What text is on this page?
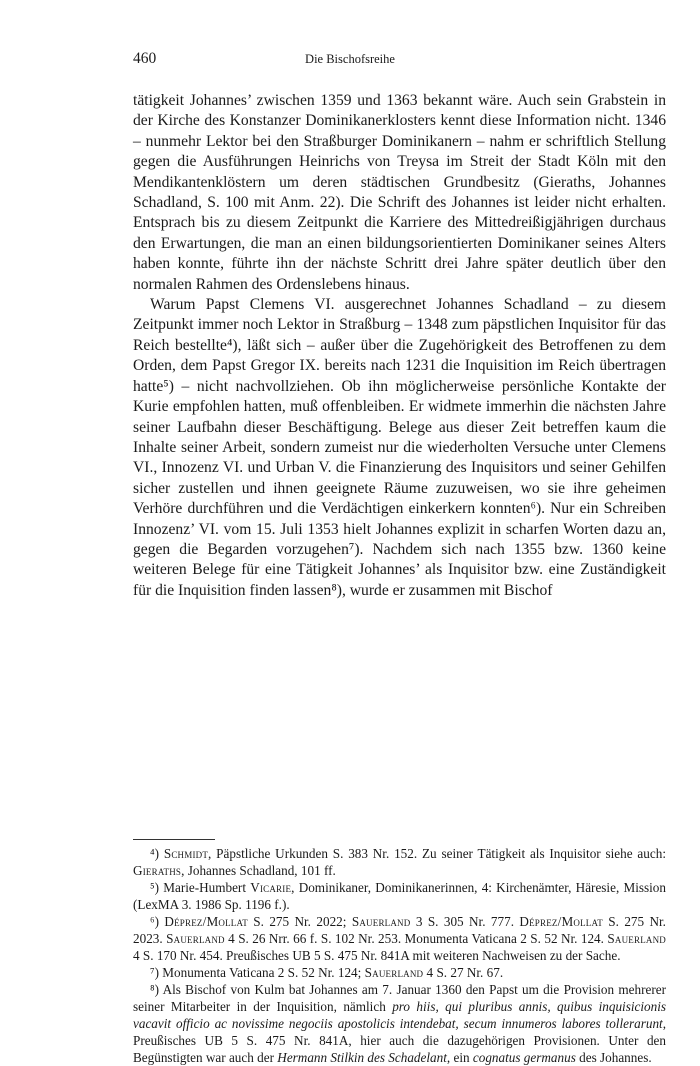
460	Die Bischofsreihe

tätigkeit Johannes’ zwischen 1359 und 1363 bekannt wäre. Auch sein Grabstein in der Kirche des Konstanzer Dominikanerklosters kennt diese Information nicht. 1346 – nunmehr Lektor bei den Straßburger Dominikanern – nahm er schriftlich Stellung gegen die Ausführungen Heinrichs von Treysa im Streit der Stadt Köln mit den Mendikantenklöstern um deren städtischen Grundbesitz (Gieraths, Johannes Schadland, S. 100 mit Anm. 22). Die Schrift des Johannes ist leider nicht erhalten. Entsprach bis zu diesem Zeitpunkt die Karriere des Mittedreißigjährigen durchaus den Erwartungen, die man an einen bildungsorientierten Dominikaner seines Alters haben konnte, führte ihn der nächste Schritt drei Jahre später deutlich über den normalen Rahmen des Ordenslebens hinaus.

Warum Papst Clemens VI. ausgerechnet Johannes Schadland – zu diesem Zeitpunkt immer noch Lektor in Straßburg – 1348 zum päpstlichen Inquisitor für das Reich bestellte⁴), läßt sich – außer über die Zugehörigkeit des Betroffenen zu dem Orden, dem Papst Gregor IX. bereits nach 1231 die Inquisition im Reich übertragen hatte⁵) – nicht nachvollziehen. Ob ihn möglicherweise persönliche Kontakte der Kurie empfohlen hatten, muß offenbleiben. Er widmete immerhin die nächsten Jahre seiner Laufbahn dieser Beschäftigung. Belege aus dieser Zeit betreffen kaum die Inhalte seiner Arbeit, sondern zumeist nur die wiederholten Versuche unter Clemens VI., Innozenz VI. und Urban V. die Finanzierung des Inquisitors und seiner Gehilfen sicher zustellen und ihnen geeignete Räume zuzuweisen, wo sie ihre geheimen Verhöre durchführen und die Verdächtigen einkerkern konnten⁶). Nur ein Schreiben Innozenz’ VI. vom 15. Juli 1353 hielt Johannes explizit in scharfen Worten dazu an, gegen die Begarden vorzugehen⁷). Nachdem sich nach 1355 bzw. 1360 keine weiteren Belege für eine Tätigkeit Johannes’ als Inquisitor bzw. eine Zuständigkeit für die Inquisition finden lassen⁸), wurde er zusammen mit Bischof

⁴) Schmidt, Päpstliche Urkunden S. 383 Nr. 152. Zu seiner Tätigkeit als Inquisitor siehe auch: Gieraths, Johannes Schadland, 101 ff.

⁵) Marie-Humbert Vicarie, Dominikaner, Dominikanerinnen, 4: Kirchenämter, Häresie, Mission (LexMA 3. 1986 Sp. 1196 f.).

⁶) Déprez/Mollat S. 275 Nr. 2022; Sauerland 3 S. 305 Nr. 777. Déprez/Mollat S. 275 Nr. 2023. Sauerland 4 S. 26 Nrr. 66 f. S. 102 Nr. 253. Monumenta Vaticana 2 S. 52 Nr. 124. Sauerland 4 S. 170 Nr. 454. Preußisches UB 5 S. 475 Nr. 841A mit weiteren Nachweisen zu der Sache.

⁷) Monumenta Vaticana 2 S. 52 Nr. 124; Sauerland 4 S. 27 Nr. 67.

⁸) Als Bischof von Kulm bat Johannes am 7. Januar 1360 den Papst um die Provision mehrerer seiner Mitarbeiter in der Inquisition, nämlich pro hiis, qui pluribus annis, quibus inquisicionis vacavit officio ac novissime negociis apostolicis intendebat, secum innumeros labores tollerarunt, Preußisches UB 5 S. 475 Nr. 841A, hier auch die dazugehörigen Provisionen. Unter den Begünstigten war auch der Hermann Stilkin des Schadelant, ein cognatus germanus des Johannes.
